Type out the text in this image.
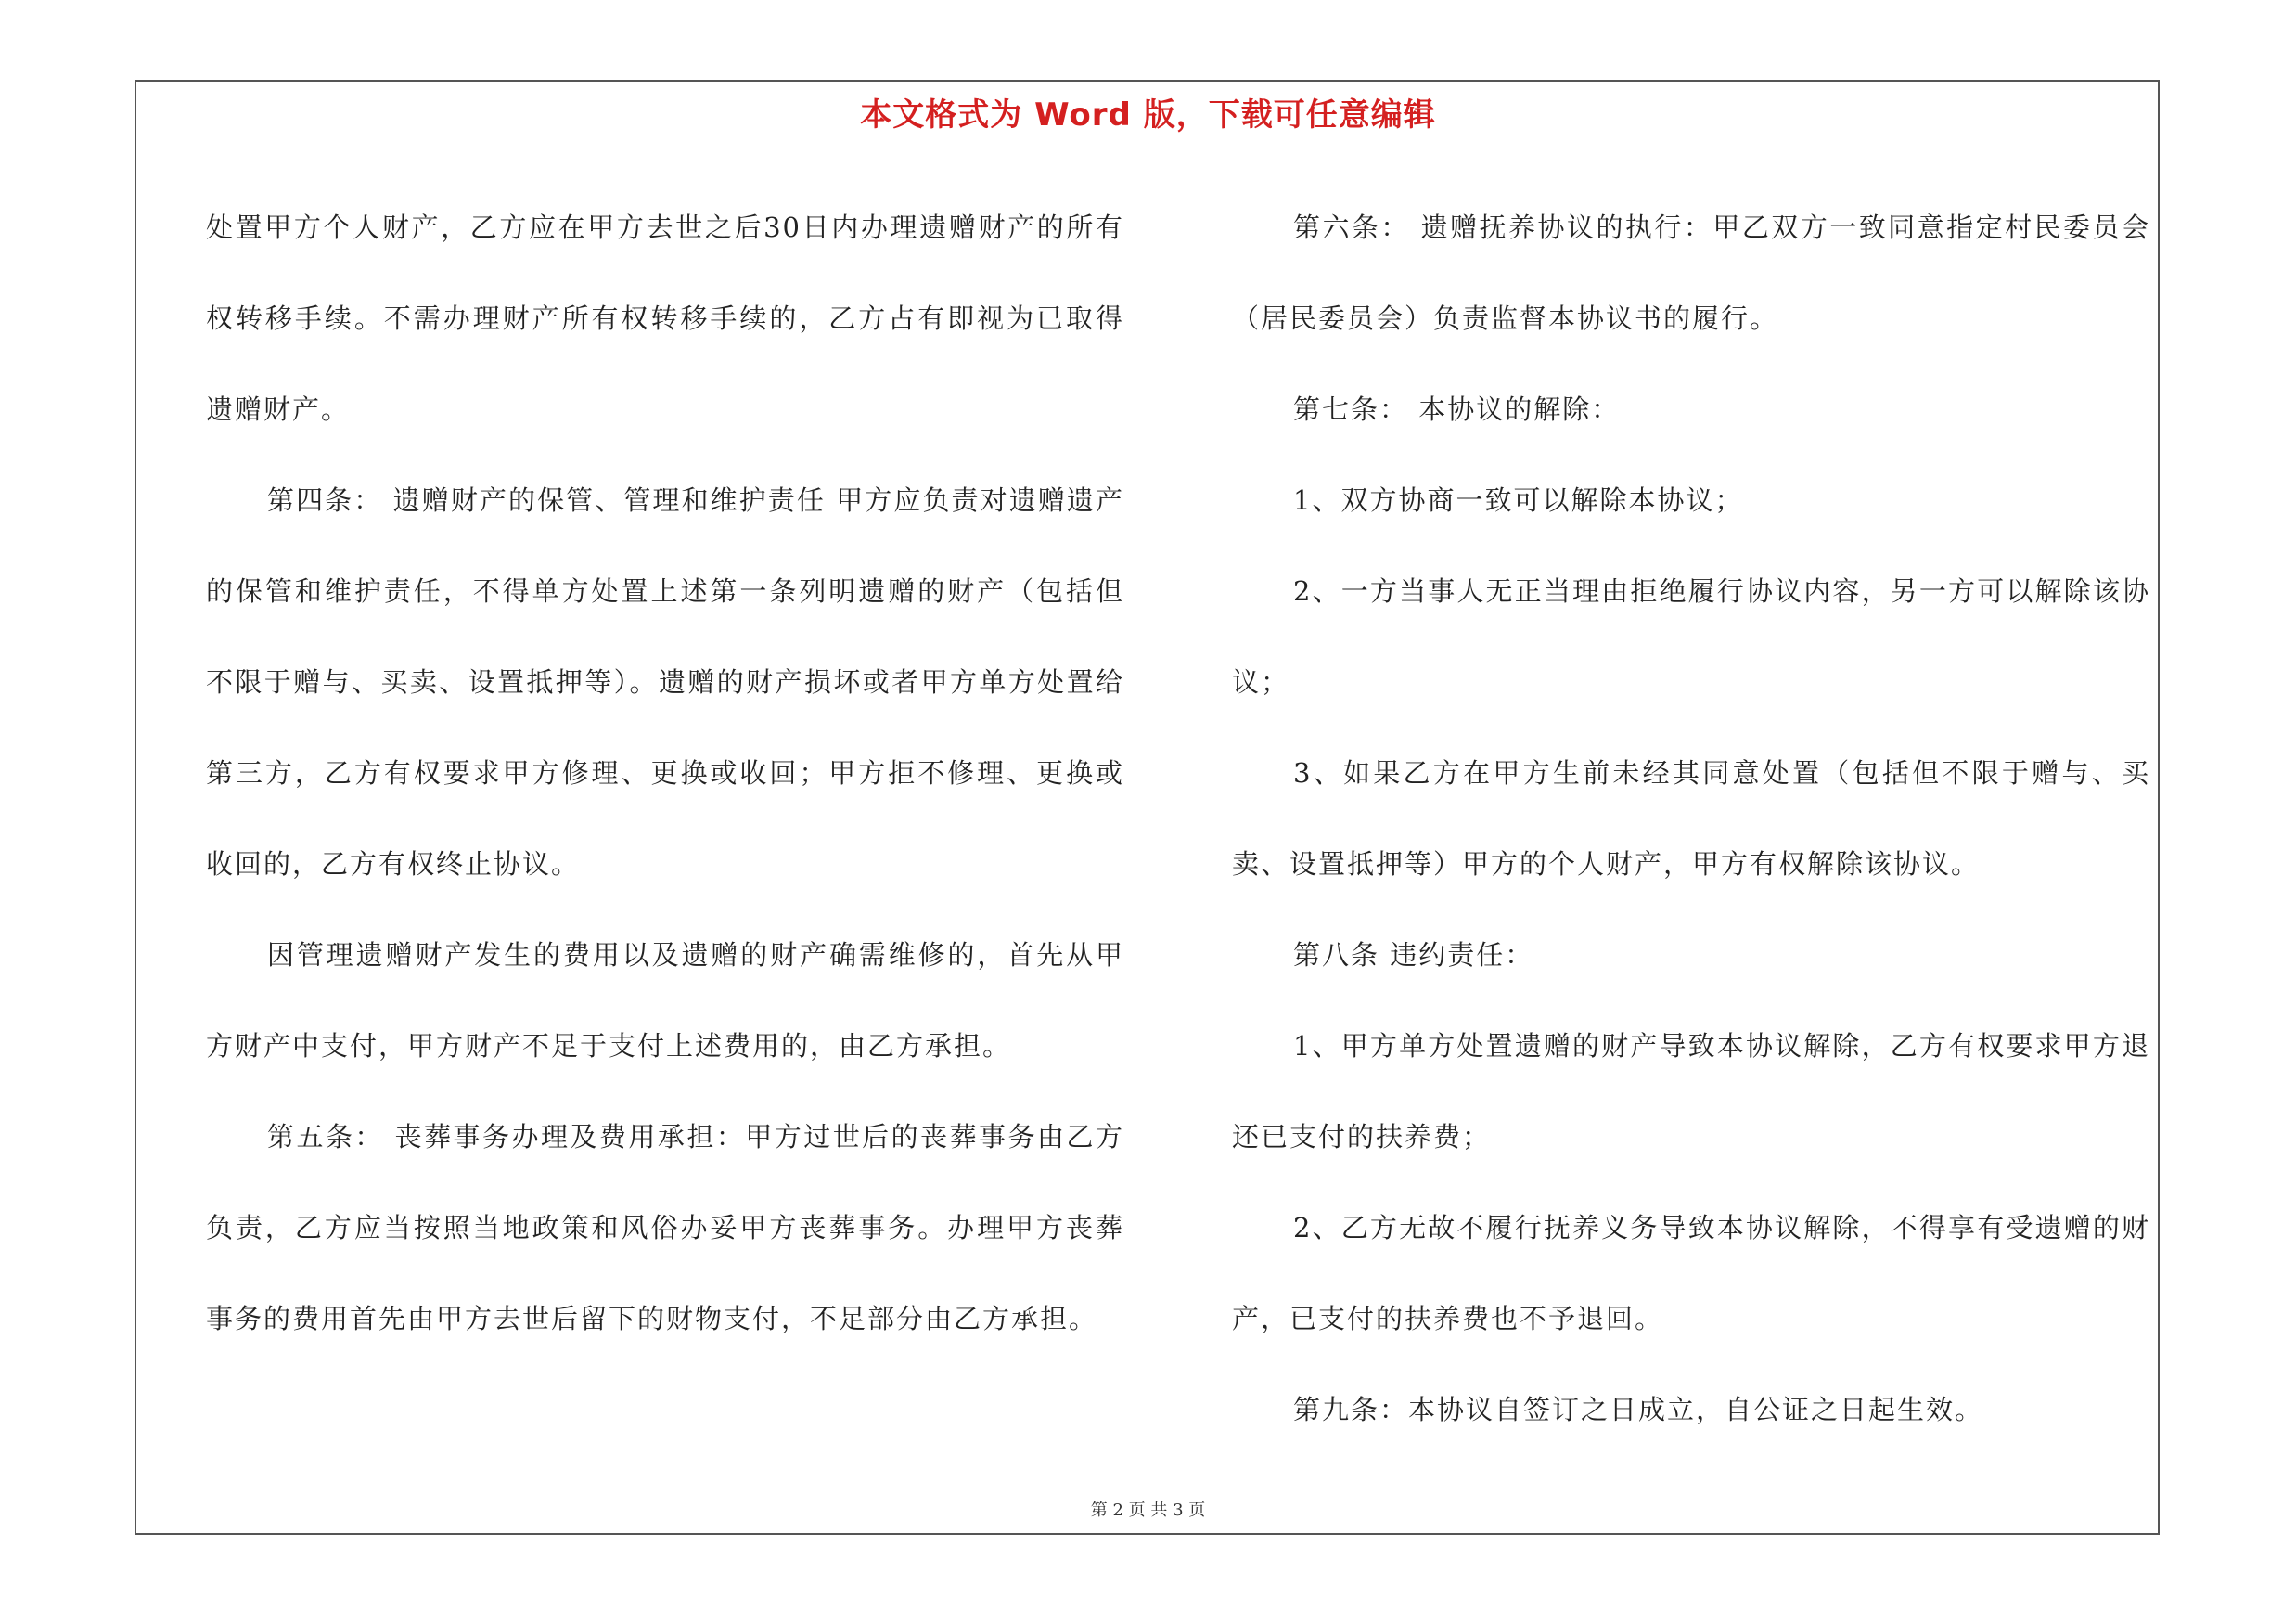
本文格式为 Word 版，下载可任意编辑

处置甲方个人财产，乙方应在甲方去世之后30日内办理遗赠财产的所有权转移手续。不需办理财产所有权转移手续的，乙方占有即视为已取得遗赠财产。

第四条： 遗赠财产的保管、管理和维护责任 甲方应负责对遗赠遗产的保管和维护责任，不得单方处置上述第一条列明遗赠的财产（包括但不限于赠与、买卖、设置抵押等）。遗赠的财产损坏或者甲方单方处置给第三方，乙方有权要求甲方修理、更换或收回；甲方拒不修理、更换或收回的，乙方有权终止协议。

因管理遗赠财产发生的费用以及遗赠的财产确需维修的，首先从甲方财产中支付，甲方财产不足于支付上述费用的，由乙方承担。

第五条： 丧葬事务办理及费用承担：甲方过世后的丧葬事务由乙方负责，乙方应当按照当地政策和风俗办妥甲方丧葬事务。办理甲方丧葬事务的费用首先由甲方去世后留下的财物支付，不足部分由乙方承担。

第六条： 遗赠抚养协议的执行：甲乙双方一致同意指定村民委员会（居民委员会）负责监督本协议书的履行。

第七条： 本协议的解除：

1、双方协商一致可以解除本协议；

2、一方当事人无正当理由拒绝履行协议内容，另一方可以解除该协议；

3、如果乙方在甲方生前未经其同意处置（包括但不限于赠与、买卖、设置抵押等）甲方的个人财产，甲方有权解除该协议。

第八条 违约责任：

1、甲方单方处置遗赠的财产导致本协议解除，乙方有权要求甲方退还已支付的扶养费；

2、乙方无故不履行抚养义务导致本协议解除，不得享有受遗赠的财产，已支付的扶养费也不予退回。

第九条：本协议自签订之日成立，自公证之日起生效。

第 2 页 共 3 页
